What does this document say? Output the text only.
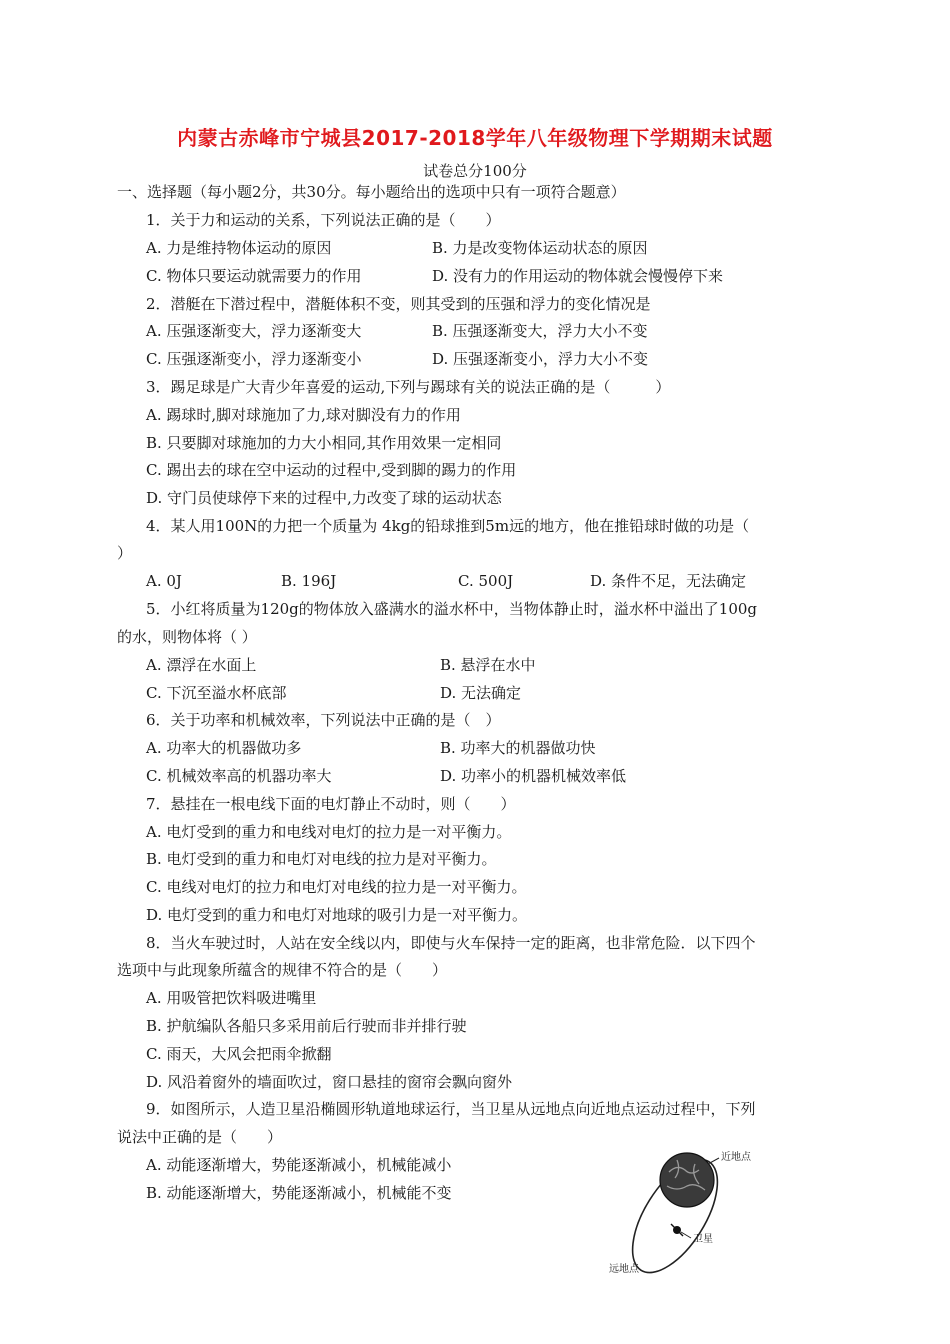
内蒙古赤峰市宁城县2017-2018学年八年级物理下学期期末试题
试卷总分100分
一、选择题（每小题2分，共30分。每小题给出的选项中只有一项符合题意）
1．关于力和运动的关系，下列说法正确的是（　　）
A. 力是维持物体运动的原因	B. 力是改变物体运动状态的原因
C. 物体只要运动就需要力的作用	D. 没有力的作用运动的物体就会慢慢停下来
2．潜艇在下潜过程中，潜艇体积不变，则其受到的压强和浮力的变化情况是
A. 压强逐渐变大，浮力逐渐变大	B. 压强逐渐变大，浮力大小不变
C. 压强逐渐变小，浮力逐渐变小	D. 压强逐渐变小，浮力大小不变
3．踢足球是广大青少年喜爱的运动,下列与踢球有关的说法正确的是（　　　）
A. 踢球时,脚对球施加了力,球对脚没有力的作用
B. 只要脚对球施加的力大小相同,其作用效果一定相同
C. 踢出去的球在空中运动的过程中,受到脚的踢力的作用
D. 守门员使球停下来的过程中,力改变了球的运动状态
4．某人用100N的力把一个质量为 4kg的铅球推到5m远的地方，他在推铅球时做的功是（
）
A. 0J	B. 196J	C. 500J	D. 条件不足，无法确定
5．小红将质量为120g的物体放入盛满水的溢水杯中，当物体静止时，溢水杯中溢出了100g
的水，则物体将（ ）
A. 漂浮在水面上	B. 悬浮在水中
C. 下沉至溢水杯底部	D. 无法确定
6．关于功率和机械效率，下列说法中正确的是（　）
A. 功率大的机器做功多	B. 功率大的机器做功快
C. 机械效率高的机器功率大	D. 功率小的机器机械效率低
7．悬挂在一根电线下面的电灯静止不动时，则（　　）
A. 电灯受到的重力和电线对电灯的拉力是一对平衡力。
B. 电灯受到的重力和电灯对电线的拉力是对平衡力。
C. 电线对电灯的拉力和电灯对电线的拉力是一对平衡力。
D. 电灯受到的重力和电灯对地球的吸引力是一对平衡力。
8．当火车驶过时，人站在安全线以内，即使与火车保持一定的距离，也非常危险．以下四个
选项中与此现象所蕴含的规律不符合的是（　　）
A. 用吸管把饮料吸进嘴里
B. 护航编队各船只多采用前后行驶而非并排行驶
C. 雨天，大风会把雨伞掀翻
D. 风沿着窗外的墙面吹过，窗口悬挂的窗帘会飘向窗外
9．如图所示，人造卫星沿椭圆形轨道地球运行，当卫星从远地点向近地点运动过程中，下列
说法中正确的是（　　）
A. 动能逐渐增大，势能逐渐减小，机械能减小
B. 动能逐渐增大，势能逐渐减小，机械能不变
近地点
卫星
远地点
